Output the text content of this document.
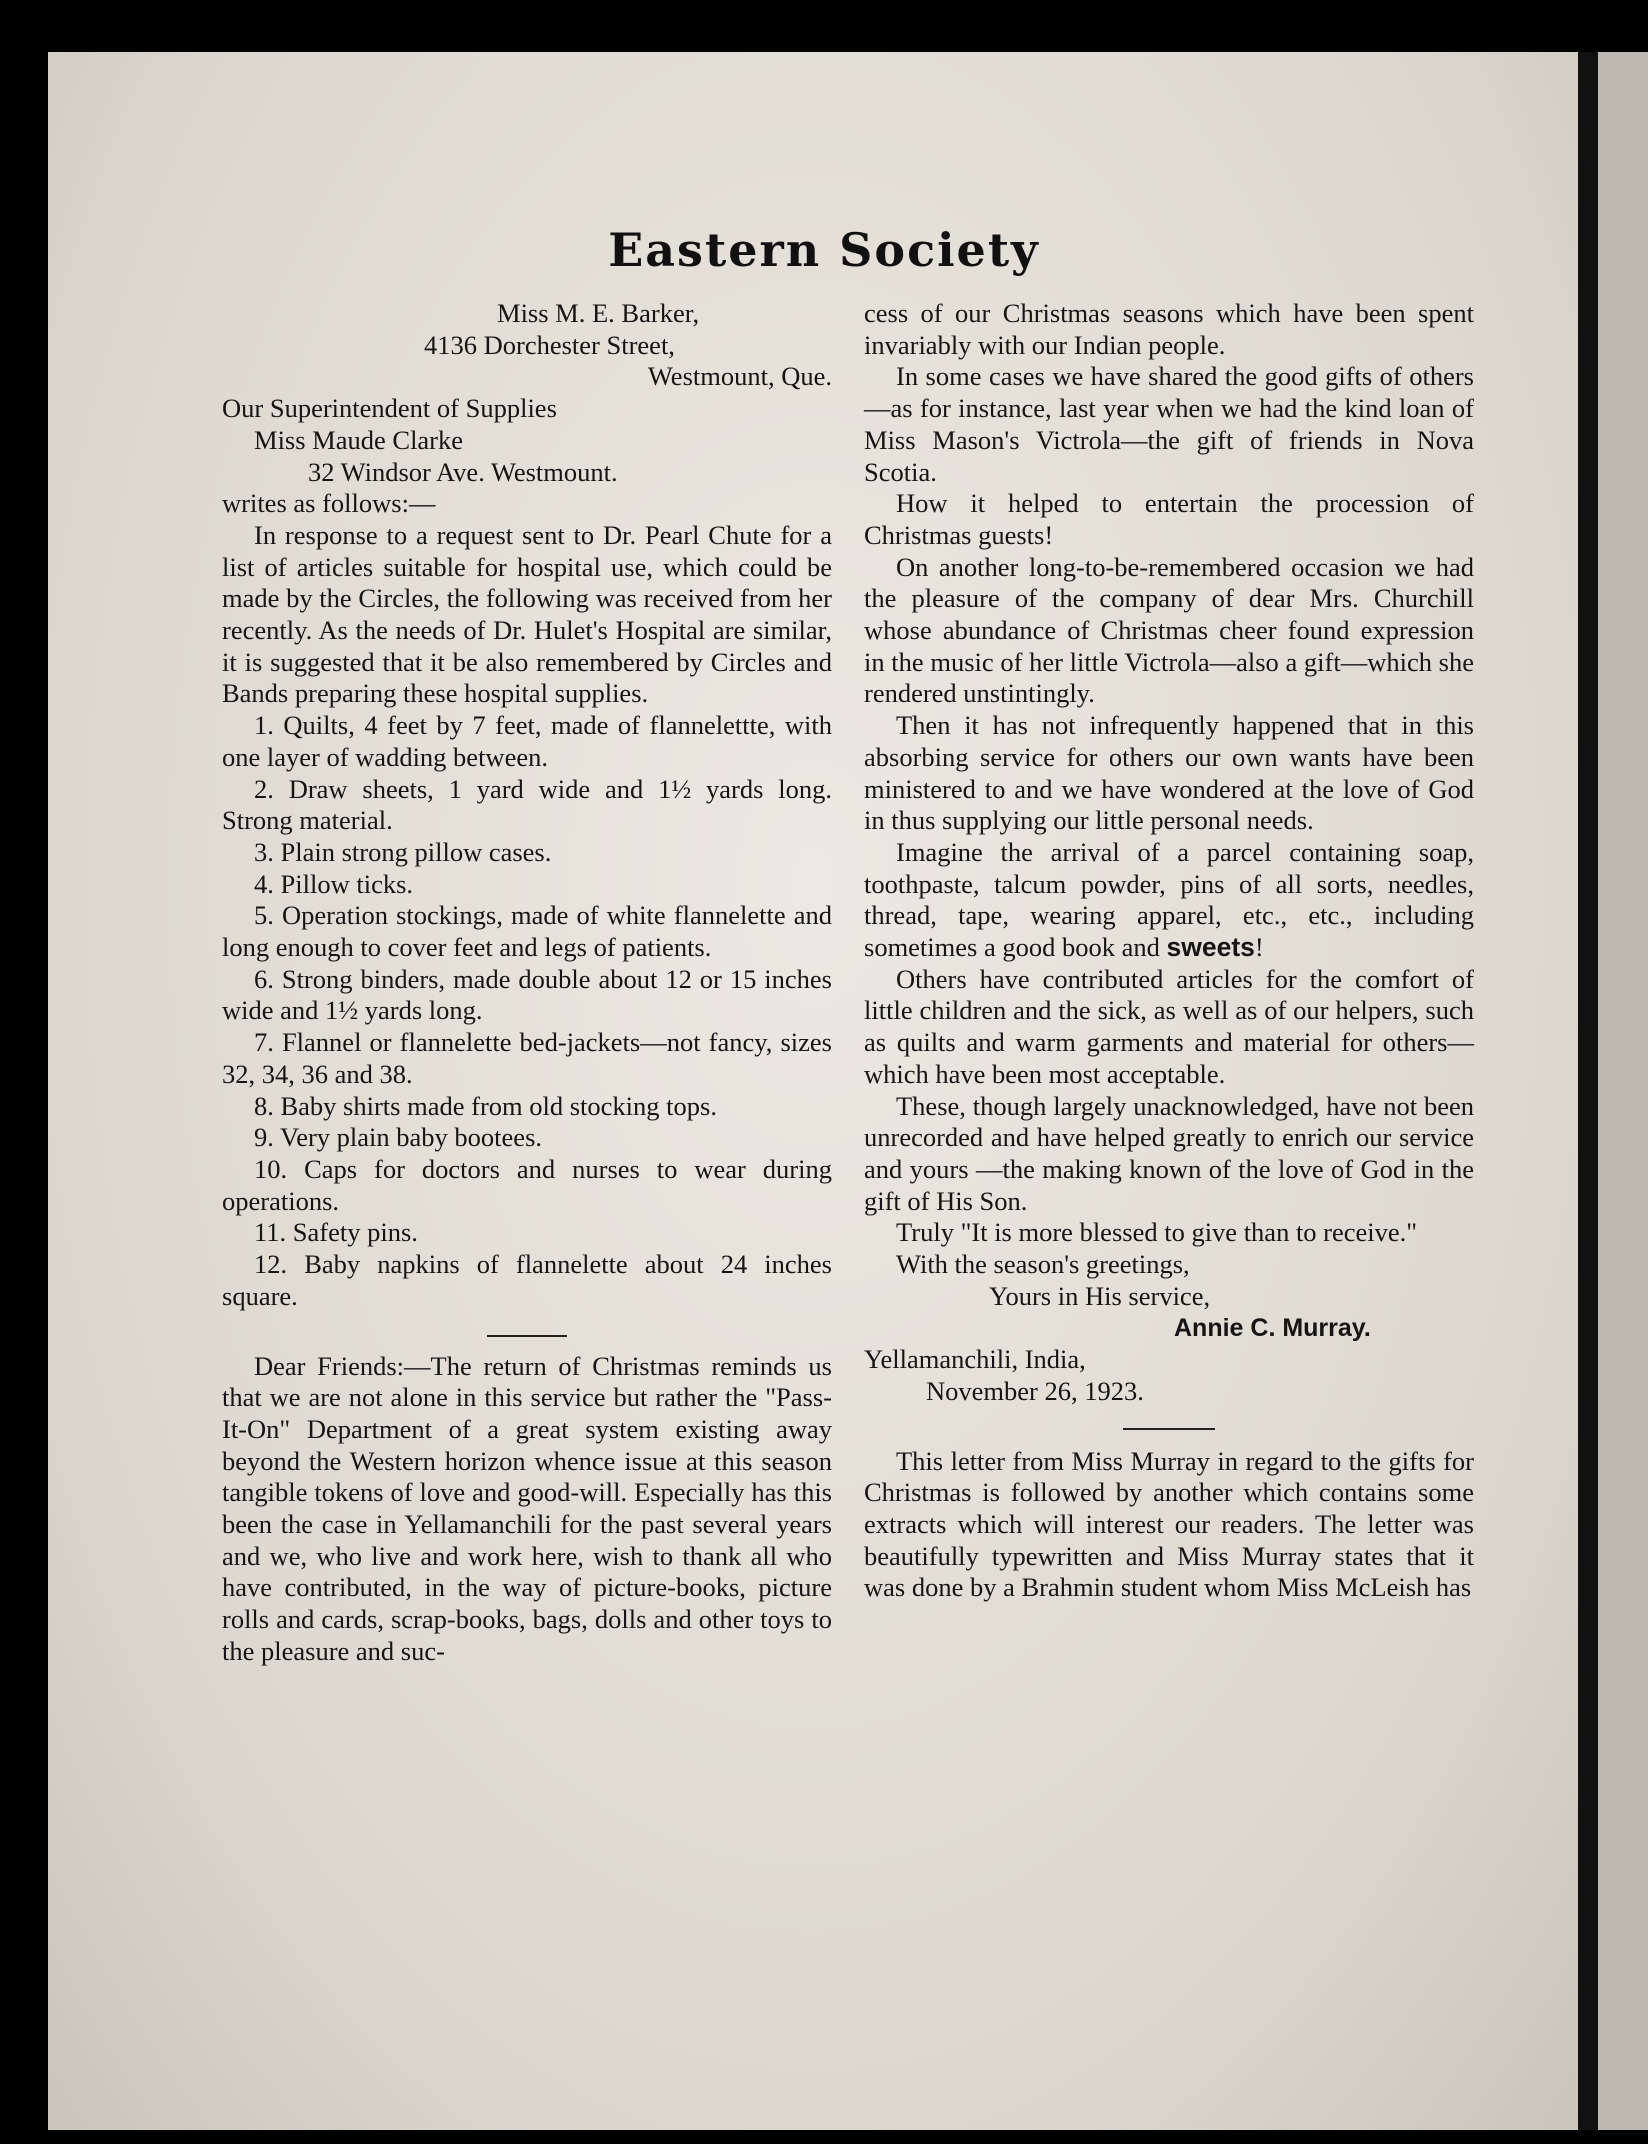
Eastern Society

Miss M. E. Barker,

4136 Dorchester Street,

Westmount, Que.

Our Superintendent of Supplies

Miss Maude Clarke

32 Windsor Ave. Westmount.

writes as follows:—

In response to a request sent to Dr. Pearl Chute for a list of articles suitable for hospital use, which could be made by the Circles, the following was received from her recently. As the needs of Dr. Hulet's Hospital are similar, it is suggested that it be also remembered by Circles and Bands preparing these hospital supplies.

1. Quilts, 4 feet by 7 feet, made of flannelettte, with one layer of wadding between.

2. Draw sheets, 1 yard wide and 1½ yards long. Strong material.

3. Plain strong pillow cases.

4. Pillow ticks.

5. Operation stockings, made of white flannelette and long enough to cover feet and legs of patients.

6. Strong binders, made double about 12 or 15 inches wide and 1½ yards long.

7. Flannel or flannelette bed-jackets—not fancy, sizes 32, 34, 36 and 38.

8. Baby shirts made from old stocking tops.

9. Very plain baby bootees.

10. Caps for doctors and nurses to wear during operations.

11. Safety pins.

12. Baby napkins of flannelette about 24 inches square.

Dear Friends:—The return of Christmas reminds us that we are not alone in this service but rather the "Pass-It-On" Department of a great system existing away beyond the Western horizon whence issue at this season tangible tokens of love and good-will. Especially has this been the case in Yellamanchili for the past several years and we, who live and work here, wish to thank all who have contributed, in the way of picture-books, picture rolls and cards, scrap-books, bags, dolls and other toys to the pleasure and suc-

cess of our Christmas seasons which have been spent invariably with our Indian people.

In some cases we have shared the good gifts of others—as for instance, last year when we had the kind loan of Miss Mason's Victrola—the gift of friends in Nova Scotia.

How it helped to entertain the procession of Christmas guests!

On another long-to-be-remembered occasion we had the pleasure of the company of dear Mrs. Churchill whose abundance of Christmas cheer found expression in the music of her little Victrola—also a gift—which she rendered unstintingly.

Then it has not infrequently happened that in this absorbing service for others our own wants have been ministered to and we have wondered at the love of God in thus supplying our little personal needs.

Imagine the arrival of a parcel containing soap, toothpaste, talcum powder, pins of all sorts, needles, thread, tape, wearing apparel, etc., etc., including sometimes a good book and sweets!

Others have contributed articles for the comfort of little children and the sick, as well as of our helpers, such as quilts and warm garments and material for others—which have been most acceptable.

These, though largely unacknowledged, have not been unrecorded and have helped greatly to enrich our service and yours —the making known of the love of God in the gift of His Son.

Truly "It is more blessed to give than to receive."

With the season's greetings,

Yours in His service,

Annie C. Murray.

Yellamanchili, India,

November 26, 1923.

This letter from Miss Murray in regard to the gifts for Christmas is followed by another which contains some extracts which will interest our readers. The letter was beautifully typewritten and Miss Murray states that it was done by a Brahmin student whom Miss McLeish has
